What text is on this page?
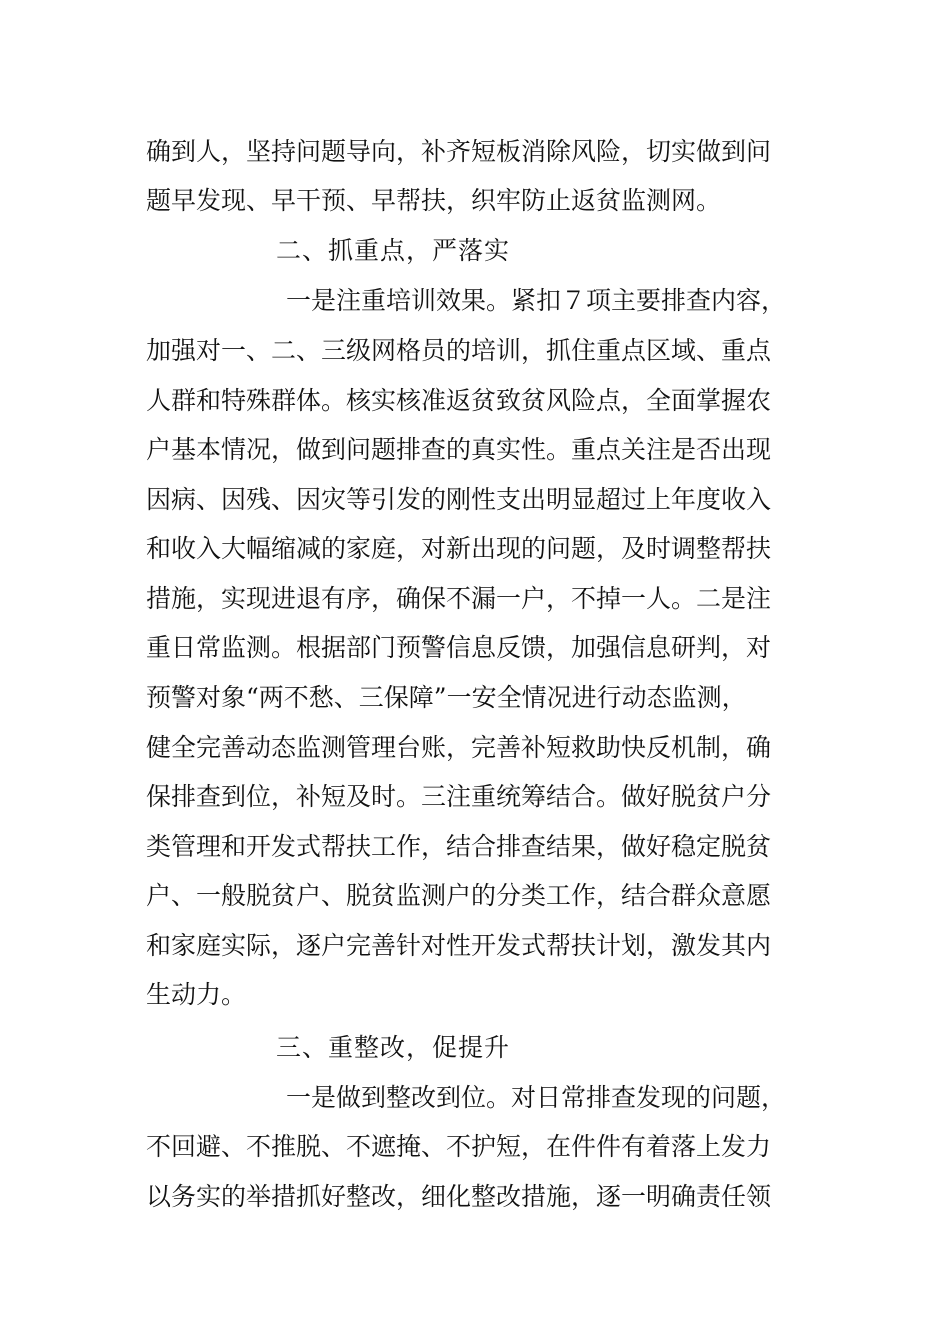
确到人，坚持问题导向，补齐短板消除风险，切实做到问

题早发现、早干预、早帮扶，织牢防止返贫监测网。

二、抓重点，严落实

一是注重培训效果。紧扣７项主要排查内容，

加强对一、二、三级网格员的培训，抓住重点区域、重点

人群和特殊群体。核实核准返贫致贫风险点，全面掌握农

户基本情况，做到问题排查的真实性。重点关注是否出现

因病、因残、因灾等引发的刚性支出明显超过上年度收入

和收入大幅缩减的家庭，对新出现的问题，及时调整帮扶

措施，实现进退有序，确保不漏一户，不掉一人。二是注

重日常监测。根据部门预警信息反馈，加强信息研判，对

预警对象“两不愁、三保障”一安全情况进行动态监测，

健全完善动态监测管理台账，完善补短救助快反机制，确

保排查到位，补短及时。三注重统筹结合。做好脱贫户分

类管理和开发式帮扶工作，结合排查结果，做好稳定脱贫

户、一般脱贫户、脱贫监测户的分类工作，结合群众意愿

和家庭实际，逐户完善针对性开发式帮扶计划，激发其内

生动力。

三、重整改，促提升

一是做到整改到位。对日常排查发现的问题，

不回避、不推脱、不遮掩、不护短，在件件有着落上发力

以务实的举措抓好整改，细化整改措施，逐一明确责任领
